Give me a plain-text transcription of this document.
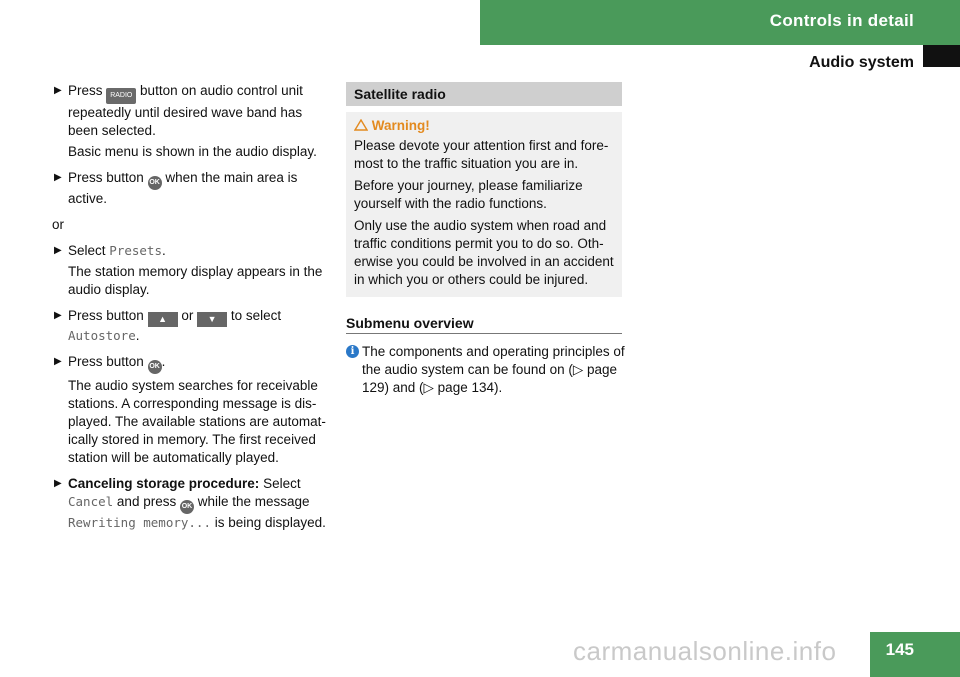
Controls in detail
Audio system
▶ Press RADIO button on audio control unit repeatedly until desired wave band has been selected.

Basic menu is shown in the audio display.

▶ Press button OK when the main area is active.

or

▶ Select Presets.

The station memory display appears in the audio display.

▶ Press button ▲ or ▼ to select Autostore.

▶ Press button OK .

The audio system searches for receivable stations. A corresponding message is dis-played. The available stations are automat-ically stored in memory. The first received station will be automatically played.

▶ Canceling storage procedure: Select Cancel and press OK while the message Rewriting memory... is being displayed.

Satellite radio
Warning!

Please devote your attention first and fore-most to the traffic situation you are in.

Before your journey, please familiarize yourself with the radio functions.

Only use the audio system when road and traffic conditions permit you to do so. Oth-erwise you could be involved in an accident in which you or others could be injured.

Submenu overview
i The components and operating principles of the audio system can be found on (▷ page 129) and (▷ page 134).

145
carmanualsonline.info
